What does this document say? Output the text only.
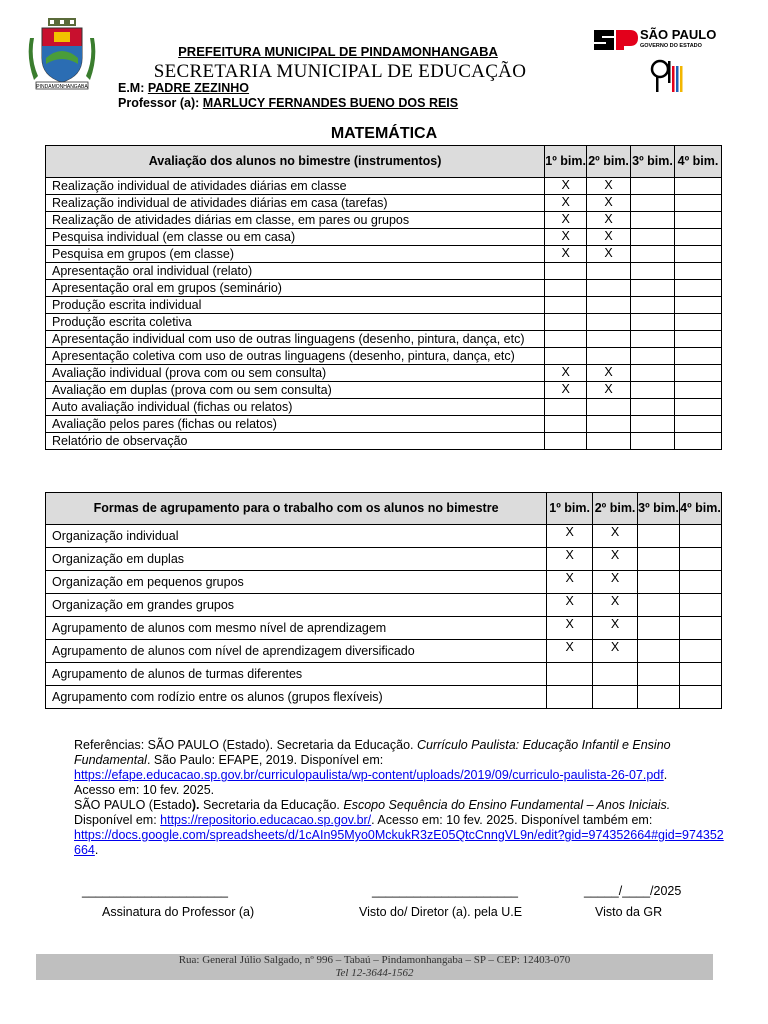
PINDAMONHANGABA
SÃO PAULO
GOVERNO DO ESTADO
PREFEITURA MUNICIPAL DE PINDAMONHANGABA
SECRETARIA MUNICIPAL DE EDUCAÇÃO
E.M: PADRE ZEZINHO
Professor (a): MARLUCY FERNANDES BUENO DOS REIS
MATEMÁTICA
Avaliação dos alunos no bimestre (instrumentos)	1º bim.	2º bim.	3º bim.	4º bim.
Realização individual de atividades diárias em classe	X	X		
Realização individual de atividades diárias em casa (tarefas)	X	X		
Realização de atividades diárias em classe, em pares ou grupos	X	X		
Pesquisa individual (em classe ou em casa)	X	X		
Pesquisa em grupos (em classe)	X	X		
Apresentação oral individual (relato)				
Apresentação oral em grupos (seminário)				
Produção escrita individual				
Produção escrita coletiva				
Apresentação individual com uso de outras linguagens (desenho, pintura, dança, etc)				
Apresentação coletiva com uso de outras linguagens (desenho, pintura, dança, etc)				
Avaliação individual (prova com ou sem consulta)	X	X		
Avaliação em duplas (prova com ou sem consulta)	X	X		
Auto avaliação individual (fichas ou relatos)				
Avaliação pelos pares (fichas ou relatos)				
Relatório de observação				
Formas de agrupamento para o trabalho com os alunos no bimestre	1º bim.	2º bim.	3º bim.	4º bim.
Organização individual	X	X		
Organização em duplas	X	X		
Organização em pequenos grupos	X	X		
Organização em grandes grupos	X	X		
Agrupamento de alunos com mesmo nível de aprendizagem	X	X		
Agrupamento de alunos com nível de aprendizagem diversificado	X	X		
Agrupamento de alunos de turmas diferentes				
Agrupamento com rodízio entre os alunos (grupos flexíveis)				
Referências: SÃO PAULO (Estado). Secretaria da Educação. Currículo Paulista: Educação Infantil e Ensino Fundamental. São Paulo: EFAPE, 2019. Disponível em:
https://efape.educacao.sp.gov.br/curriculopaulista/wp-content/uploads/2019/09/curriculo-paulista-26-07.pdf.
Acesso em: 10 fev. 2025.
SÃO PAULO (Estado). Secretaria da Educação. Escopo Sequência do Ensino Fundamental – Anos Iniciais.
Disponível em: https://repositorio.educacao.sp.gov.br/. Acesso em: 10 fev. 2025. Disponível também em:
https://docs.google.com/spreadsheets/d/1cAIn95Myo0MckukR3zE05QtcCnngVL9n/edit?gid=974352664#gid=974352664.
_____________________	_____________________	_____/____/2025
Assinatura do Professor (a)	Visto do/ Diretor (a). pela U.E	Visto da GR
Rua: General Júlio Salgado, nº 996 – Tabaú – Pindamonhangaba – SP – CEP: 12403-070
Tel 12-3644-1562
